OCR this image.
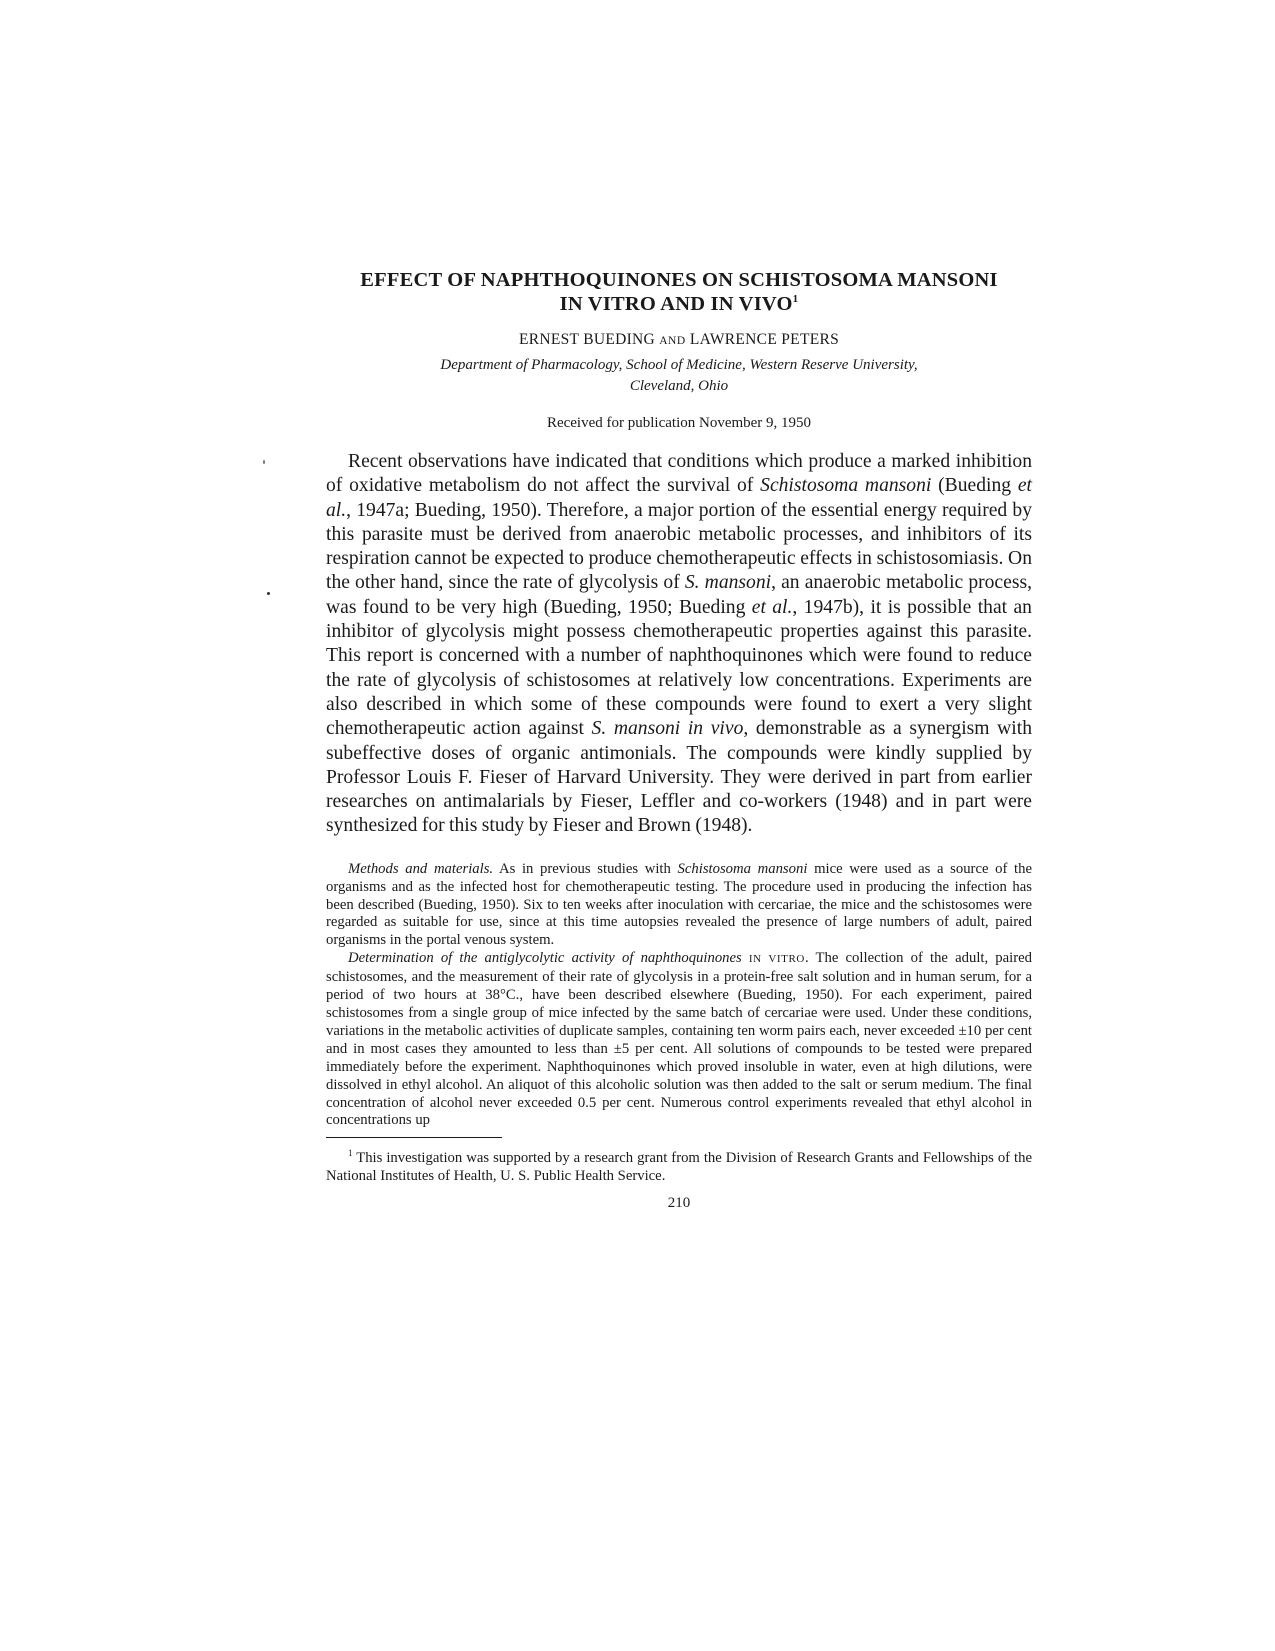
EFFECT OF NAPHTHOQUINONES ON SCHISTOSOMA MANSONI
IN VITRO AND IN VIVO$^1$
ERNEST BUEDING AND LAWRENCE PETERS
Department of Pharmacology, School of Medicine, Western Reserve University,
Cleveland, Ohio
Received for publication November 9, 1950
Recent observations have indicated that conditions which produce a marked inhibition of oxidative metabolism do not affect the survival of Schistosoma mansoni (Bueding et al., 1947a; Bueding, 1950). Therefore, a major portion of the essential energy required by this parasite must be derived from anaerobic metabolic processes, and inhibitors of its respiration cannot be expected to produce chemotherapeutic effects in schistosomiasis. On the other hand, since the rate of glycolysis of S. mansoni, an anaerobic metabolic process, was found to be very high (Bueding, 1950; Bueding et al., 1947b), it is possible that an inhibitor of glycolysis might possess chemotherapeutic properties against this parasite. This report is concerned with a number of naphthoquinones which were found to reduce the rate of glycolysis of schistosomes at relatively low concentrations. Experiments are also described in which some of these compounds were found to exert a very slight chemotherapeutic action against S. mansoni in vivo, demonstrable as a synergism with subeffective doses of organic antimonials. The compounds were kindly supplied by Professor Louis F. Fieser of Harvard University. They were derived in part from earlier researches on antimalarials by Fieser, Leffler and co-workers (1948) and in part were synthesized for this study by Fieser and Brown (1948).

Methods and materials. As in previous studies with Schistosoma mansoni mice were used as a source of the organisms and as the infected host for chemotherapeutic testing. The procedure used in producing the infection has been described (Bueding, 1950). Six to ten weeks after inoculation with cercariae, the mice and the schistosomes were regarded as suitable for use, since at this time autopsies revealed the presence of large numbers of adult, paired organisms in the portal venous system.

Determination of the antiglycolytic activity of naphthoquinones IN VITRO. The collection of the adult, paired schistosomes, and the measurement of their rate of glycolysis in a protein-free salt solution and in human serum, for a period of two hours at 38°C., have been described elsewhere (Bueding, 1950). For each experiment, paired schistosomes from a single group of mice infected by the same batch of cercariae were used. Under these conditions, variations in the metabolic activities of duplicate samples, containing ten worm pairs each, never exceeded ±10 per cent and in most cases they amounted to less than ±5 per cent. All solutions of compounds to be tested were prepared immediately before the experiment. Naphthoquinones which proved insoluble in water, even at high dilutions, were dissolved in ethyl alcohol. An aliquot of this alcoholic solution was then added to the salt or serum medium. The final concentration of alcohol never exceeded 0.5 per cent. Numerous control experiments revealed that ethyl alcohol in concentrations up

$^1$ This investigation was supported by a research grant from the Division of Research Grants and Fellowships of the National Institutes of Health, U. S. Public Health Service.
210
